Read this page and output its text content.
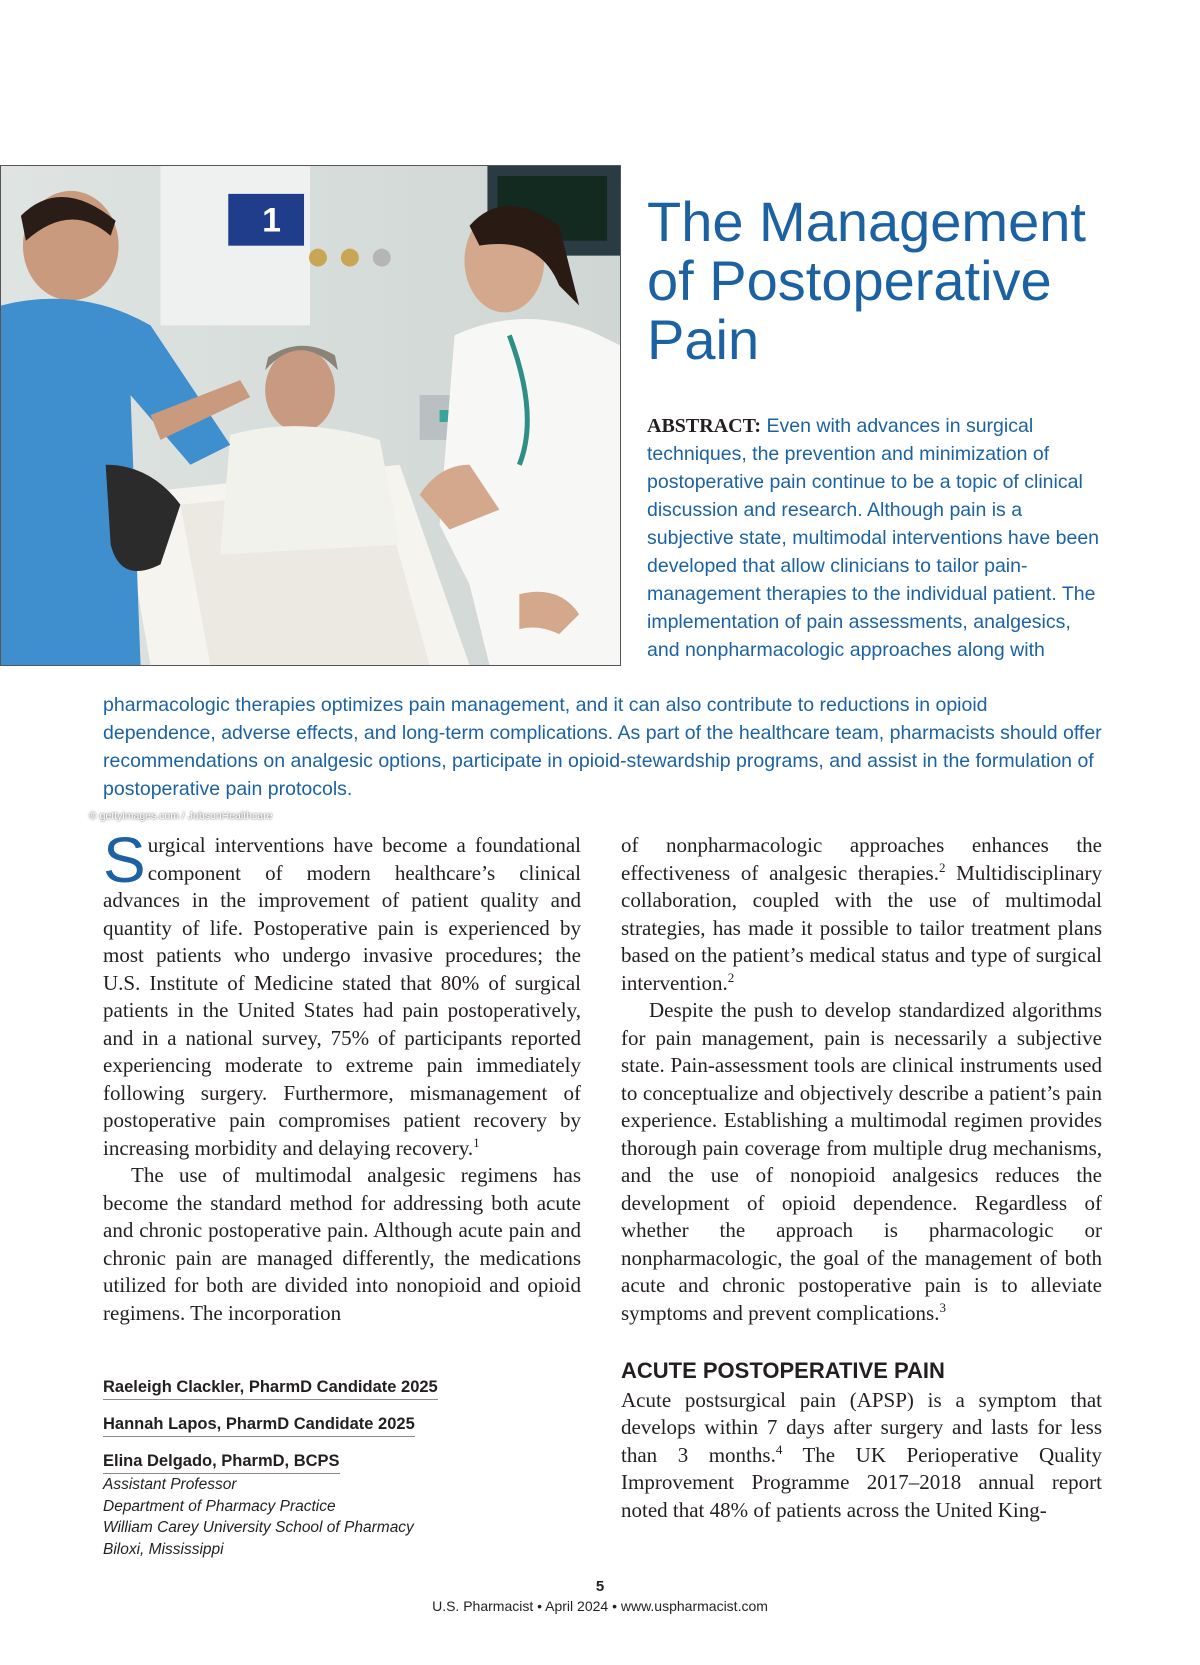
1
© gettyimages.com / JobsonHealthcare
The Management of Postoperative Pain
ABSTRACT: Even with advances in surgical techniques, the prevention and minimization of postoperative pain continue to be a topic of clinical discussion and research. Although pain is a subjective state, multimodal interventions have been developed that allow clinicians to tailor pain-management therapies to the individual patient. The implementation of pain assessments, analgesics, and nonpharmacologic approaches along with
pharmacologic therapies optimizes pain management, and it can also contribute to reductions in opioid dependence, adverse effects, and long-term complications. As part of the healthcare team, pharmacists should offer recommendations on analgesic options, participate in opioid-stewardship programs, and assist in the formulation of postoperative pain protocols.

Surgical interventions have become a foundational component of modern healthcare’s clinical advances in the improvement of patient quality and quantity of life. Postoperative pain is experienced by most patients who undergo invasive procedures; the U.S. Institute of Medicine stated that 80% of surgical patients in the United States had pain postoperatively, and in a national survey, 75% of participants reported experiencing moderate to extreme pain immediately following surgery. Furthermore, mismanagement of postoperative pain compromises patient recovery by increasing morbidity and delaying recovery.$^1$

The use of multimodal analgesic regimens has become the standard method for addressing both acute and chronic postoperative pain. Although acute pain and chronic pain are managed differently, the medications utilized for both are divided into nonopioid and opioid regimens. The incorporation

of nonpharmacologic approaches enhances the effectiveness of analgesic therapies.$^2$ Multidisciplinary collaboration, coupled with the use of multimodal strategies, has made it possible to tailor treatment plans based on the patient’s medical status and type of surgical intervention.$^2$

Despite the push to develop standardized algorithms for pain management, pain is necessarily a subjective state. Pain-assessment tools are clinical instruments used to conceptualize and objectively describe a patient’s pain experience. Establishing a multimodal regimen provides thorough pain coverage from multiple drug mechanisms, and the use of nonopioid analgesics reduces the development of opioid dependence. Regardless of whether the approach is pharmacologic or nonpharmacologic, the goal of the management of both acute and chronic postoperative pain is to alleviate symptoms and prevent complications.$^3$

ACUTE POSTOPERATIVE PAIN

Acute postsurgical pain (APSP) is a symptom that develops within 7 days after surgery and lasts for less than 3 months.$^4$ The UK Perioperative Quality Improvement Programme 2017–2018 annual report noted that 48% of patients across the United King-

Raeleigh Clackler, PharmD Candidate 2025
Hannah Lapos, PharmD Candidate 2025
Elina Delgado, PharmD, BCPS
Assistant Professor
Department of Pharmacy Practice
William Carey University School of Pharmacy
Biloxi, Mississippi
5
U.S. Pharmacist • April 2024 • www.uspharmacist.com
